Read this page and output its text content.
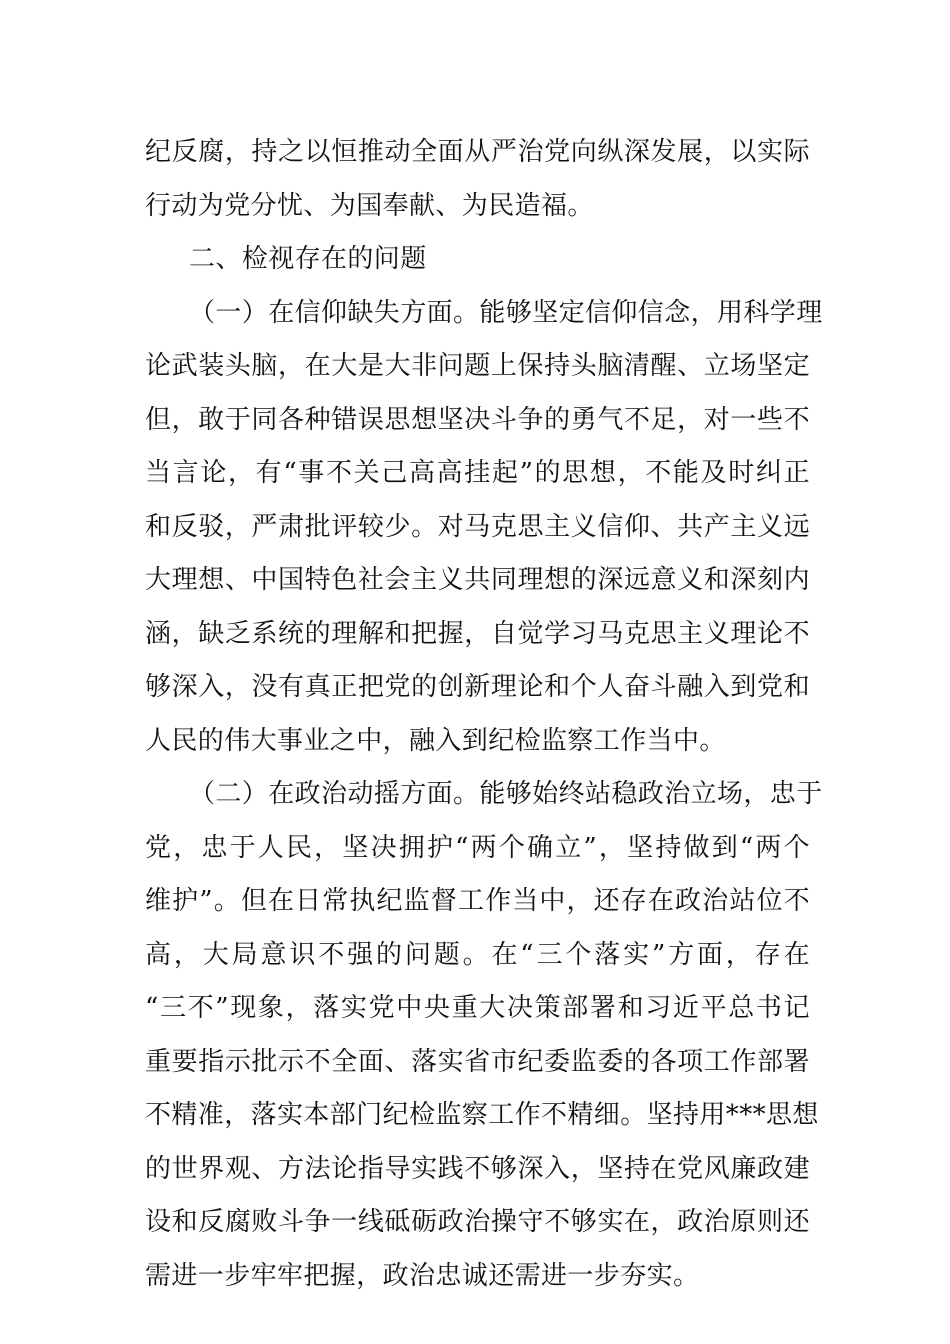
纪反腐，持之以恒推动全面从严治党向纵深发展，以实际
行动为党分忧、为国奉献、为民造福。
二、检视存在的问题
（一）在信仰缺失方面。能够坚定信仰信念，用科学理
论武装头脑，在大是大非问题上保持头脑清醒、立场坚定
但，敢于同各种错误思想坚决斗争的勇气不足，对一些不
当言论，有“事不关己高高挂起”的思想，不能及时纠正
和反驳，严肃批评较少。对马克思主义信仰、共产主义远
大理想、中国特色社会主义共同理想的深远意义和深刻内
涵，缺乏系统的理解和把握，自觉学习马克思主义理论不
够深入，没有真正把党的创新理论和个人奋斗融入到党和
人民的伟大事业之中，融入到纪检监察工作当中。
（二）在政治动摇方面。能够始终站稳政治立场，忠于
党，忠于人民，坚决拥护“两个确立”，坚持做到“两个
维护”。但在日常执纪监督工作当中，还存在政治站位不
高，大局意识不强的问题。在“三个落实”方面，存在
“三不”现象，落实党中央重大决策部署和习近平总书记
重要指示批示不全面、落实省市纪委监委的各项工作部署
不精准，落实本部门纪检监察工作不精细。坚持用***思想
的世界观、方法论指导实践不够深入，坚持在党风廉政建
设和反腐败斗争一线砥砺政治操守不够实在，政治原则还
需进一步牢牢把握，政治忠诚还需进一步夯实。
